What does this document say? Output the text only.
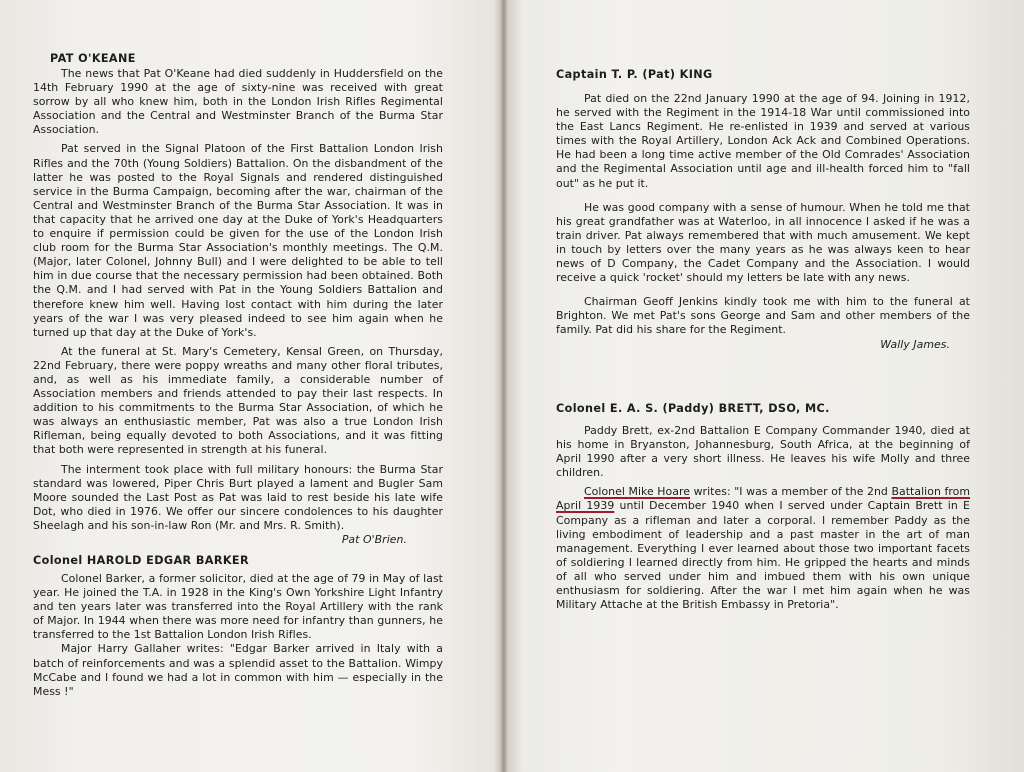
PAT O'KEANE

The news that Pat O'Keane had died suddenly in Huddersfield on the 14th February 1990 at the age of sixty-nine was received with great sorrow by all who knew him, both in the London Irish Rifles Regimental Association and the Central and Westminster Branch of the Burma Star Association.

Pat served in the Signal Platoon of the First Battalion London Irish Rifles and the 70th (Young Soldiers) Battalion. On the disbandment of the latter he was posted to the Royal Signals and rendered distinguished service in the Burma Campaign, becoming after the war, chairman of the Central and Westminster Branch of the Burma Star Association. It was in that capacity that he arrived one day at the Duke of York's Headquarters to enquire if permission could be given for the use of the London Irish club room for the Burma Star Association's monthly meetings. The Q.M. (Major, later Colonel, Johnny Bull) and I were delighted to be able to tell him in due course that the necessary permission had been obtained. Both the Q.M. and I had served with Pat in the Young Soldiers Battalion and therefore knew him well. Having lost contact with him during the later years of the war I was very pleased indeed to see him again when he turned up that day at the Duke of York's.

At the funeral at St. Mary's Cemetery, Kensal Green, on Thursday, 22nd February, there were poppy wreaths and many other floral tributes, and, as well as his immediate family, a considerable number of Association members and friends attended to pay their last respects. In addition to his commitments to the Burma Star Association, of which he was always an enthusiastic member, Pat was also a true London Irish Rifleman, being equally devoted to both Associations, and it was fitting that both were represented in strength at his funeral.

The interment took place with full military honours: the Burma Star standard was lowered, Piper Chris Burt played a lament and Bugler Sam Moore sounded the Last Post as Pat was laid to rest beside his late wife Dot, who died in 1976. We offer our sincere condolences to his daughter Sheelagh and his son-in-law Ron (Mr. and Mrs. R. Smith).
Pat O'Brien.

Colonel HAROLD EDGAR BARKER

Colonel Barker, a former solicitor, died at the age of 79 in May of last year. He joined the T.A. in 1928 in the King's Own Yorkshire Light Infantry and ten years later was transferred into the Royal Artillery with the rank of Major. In 1944 when there was more need for infantry than gunners, he transferred to the 1st Battalion London Irish Rifles.

Major Harry Gallaher writes: "Edgar Barker arrived in Italy with a batch of reinforcements and was a splendid asset to the Battalion. Wimpy McCabe and I found we had a lot in common with him — especially in the Mess !"

Captain T. P. (Pat) KING

Pat died on the 22nd January 1990 at the age of 94. Joining in 1912, he served with the Regiment in the 1914-18 War until commissioned into the East Lancs Regiment. He re-enlisted in 1939 and served at various times with the Royal Artillery, London Ack Ack and Combined Operations. He had been a long time active member of the Old Comrades' Association and the Regimental Association until age and ill-health forced him to "fall out" as he put it.

He was good company with a sense of humour. When he told me that his great grandfather was at Waterloo, in all innocence I asked if he was a train driver. Pat always remembered that with much amusement. We kept in touch by letters over the many years as he was always keen to hear news of D Company, the Cadet Company and the Association. I would receive a quick 'rocket' should my letters be late with any news.

Chairman Geoff Jenkins kindly took me with him to the funeral at Brighton. We met Pat's sons George and Sam and other members of the family. Pat did his share for the Regiment.

Wally James.

Colonel E. A. S. (Paddy) BRETT, DSO, MC.

Paddy Brett, ex-2nd Battalion E Company Commander 1940, died at his home in Bryanston, Johannesburg, South Africa, at the beginning of April 1990 after a very short illness. He leaves his wife Molly and three children.

Colonel Mike Hoare writes: "I was a member of the 2nd Battalion from April 1939 until December 1940 when I served under Captain Brett in E Company as a rifleman and later a corporal. I remember Paddy as the living embodiment of leadership and a past master in the art of man management. Everything I ever learned about those two important facets of soldiering I learned directly from him. He gripped the hearts and minds of all who served under him and imbued them with his own unique enthusiasm for soldiering. After the war I met him again when he was Military Attache at the British Embassy in Pretoria".
